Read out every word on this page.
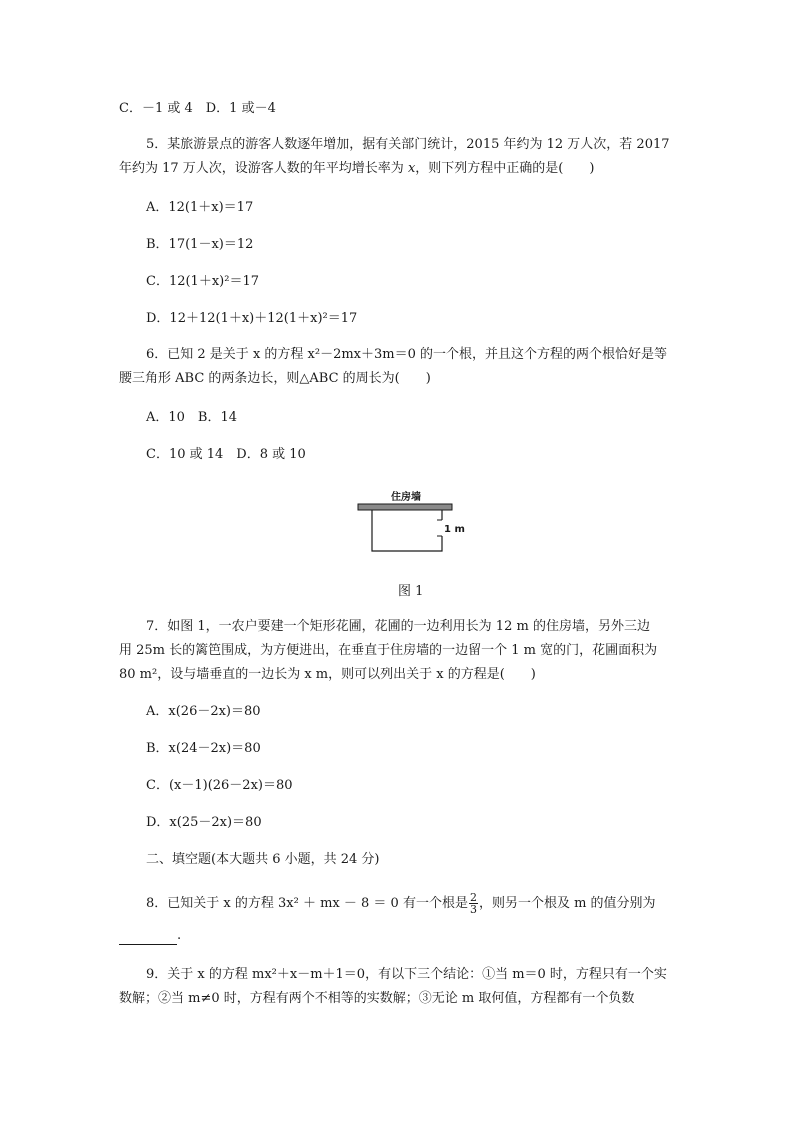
C．－1 或 4　D．1 或－4
5．某旅游景点的游客人数逐年增加，据有关部门统计，2015 年约为 12 万人次，若 2017
年约为 17 万人次，设游客人数的年平均增长率为 x，则下列方程中正确的是(　　)
A．12(1＋x)＝17
B．17(1－x)＝12
C．12(1＋x)²＝17
D．12＋12(1＋x)＋12(1＋x)²＝17
6．已知 2 是关于 x 的方程 x²－2mx＋3m＝0 的一个根，并且这个方程的两个根恰好是等
腰三角形 ABC 的两条边长，则△ABC 的周长为(　　)
A．10　B．14
C．10 或 14　D．8 或 10
住房墙
1 m
图 1
7．如图 1，一农户要建一个矩形花圃，花圃的一边利用长为 12 m 的住房墙，另外三边
用 25m 长的篱笆围成，为方便进出，在垂直于住房墙的一边留一个 1 m 宽的门，花圃面积为
80 m²，设与墙垂直的一边长为 x m，则可以列出关于 x 的方程是(　　)
A．x(26－2x)＝80
B．x(24－2x)＝80
C．(x－1)(26－2x)＝80
D．x(25－2x)＝80
二、填空题(本大题共 6 小题，共 24 分)
8．已知关于 x 的方程 3x² ＋ mx － 8 ＝ 0 有一个根是 $\frac{2}{3}$ ，则另一个根及 m 的值分别为
.
9．关于 x 的方程 mx²＋x－m＋1＝0，有以下三个结论：①当 m＝0 时，方程只有一个实
数解；②当 m≠0 时，方程有两个不相等的实数解；③无论 m 取何值，方程都有一个负数
